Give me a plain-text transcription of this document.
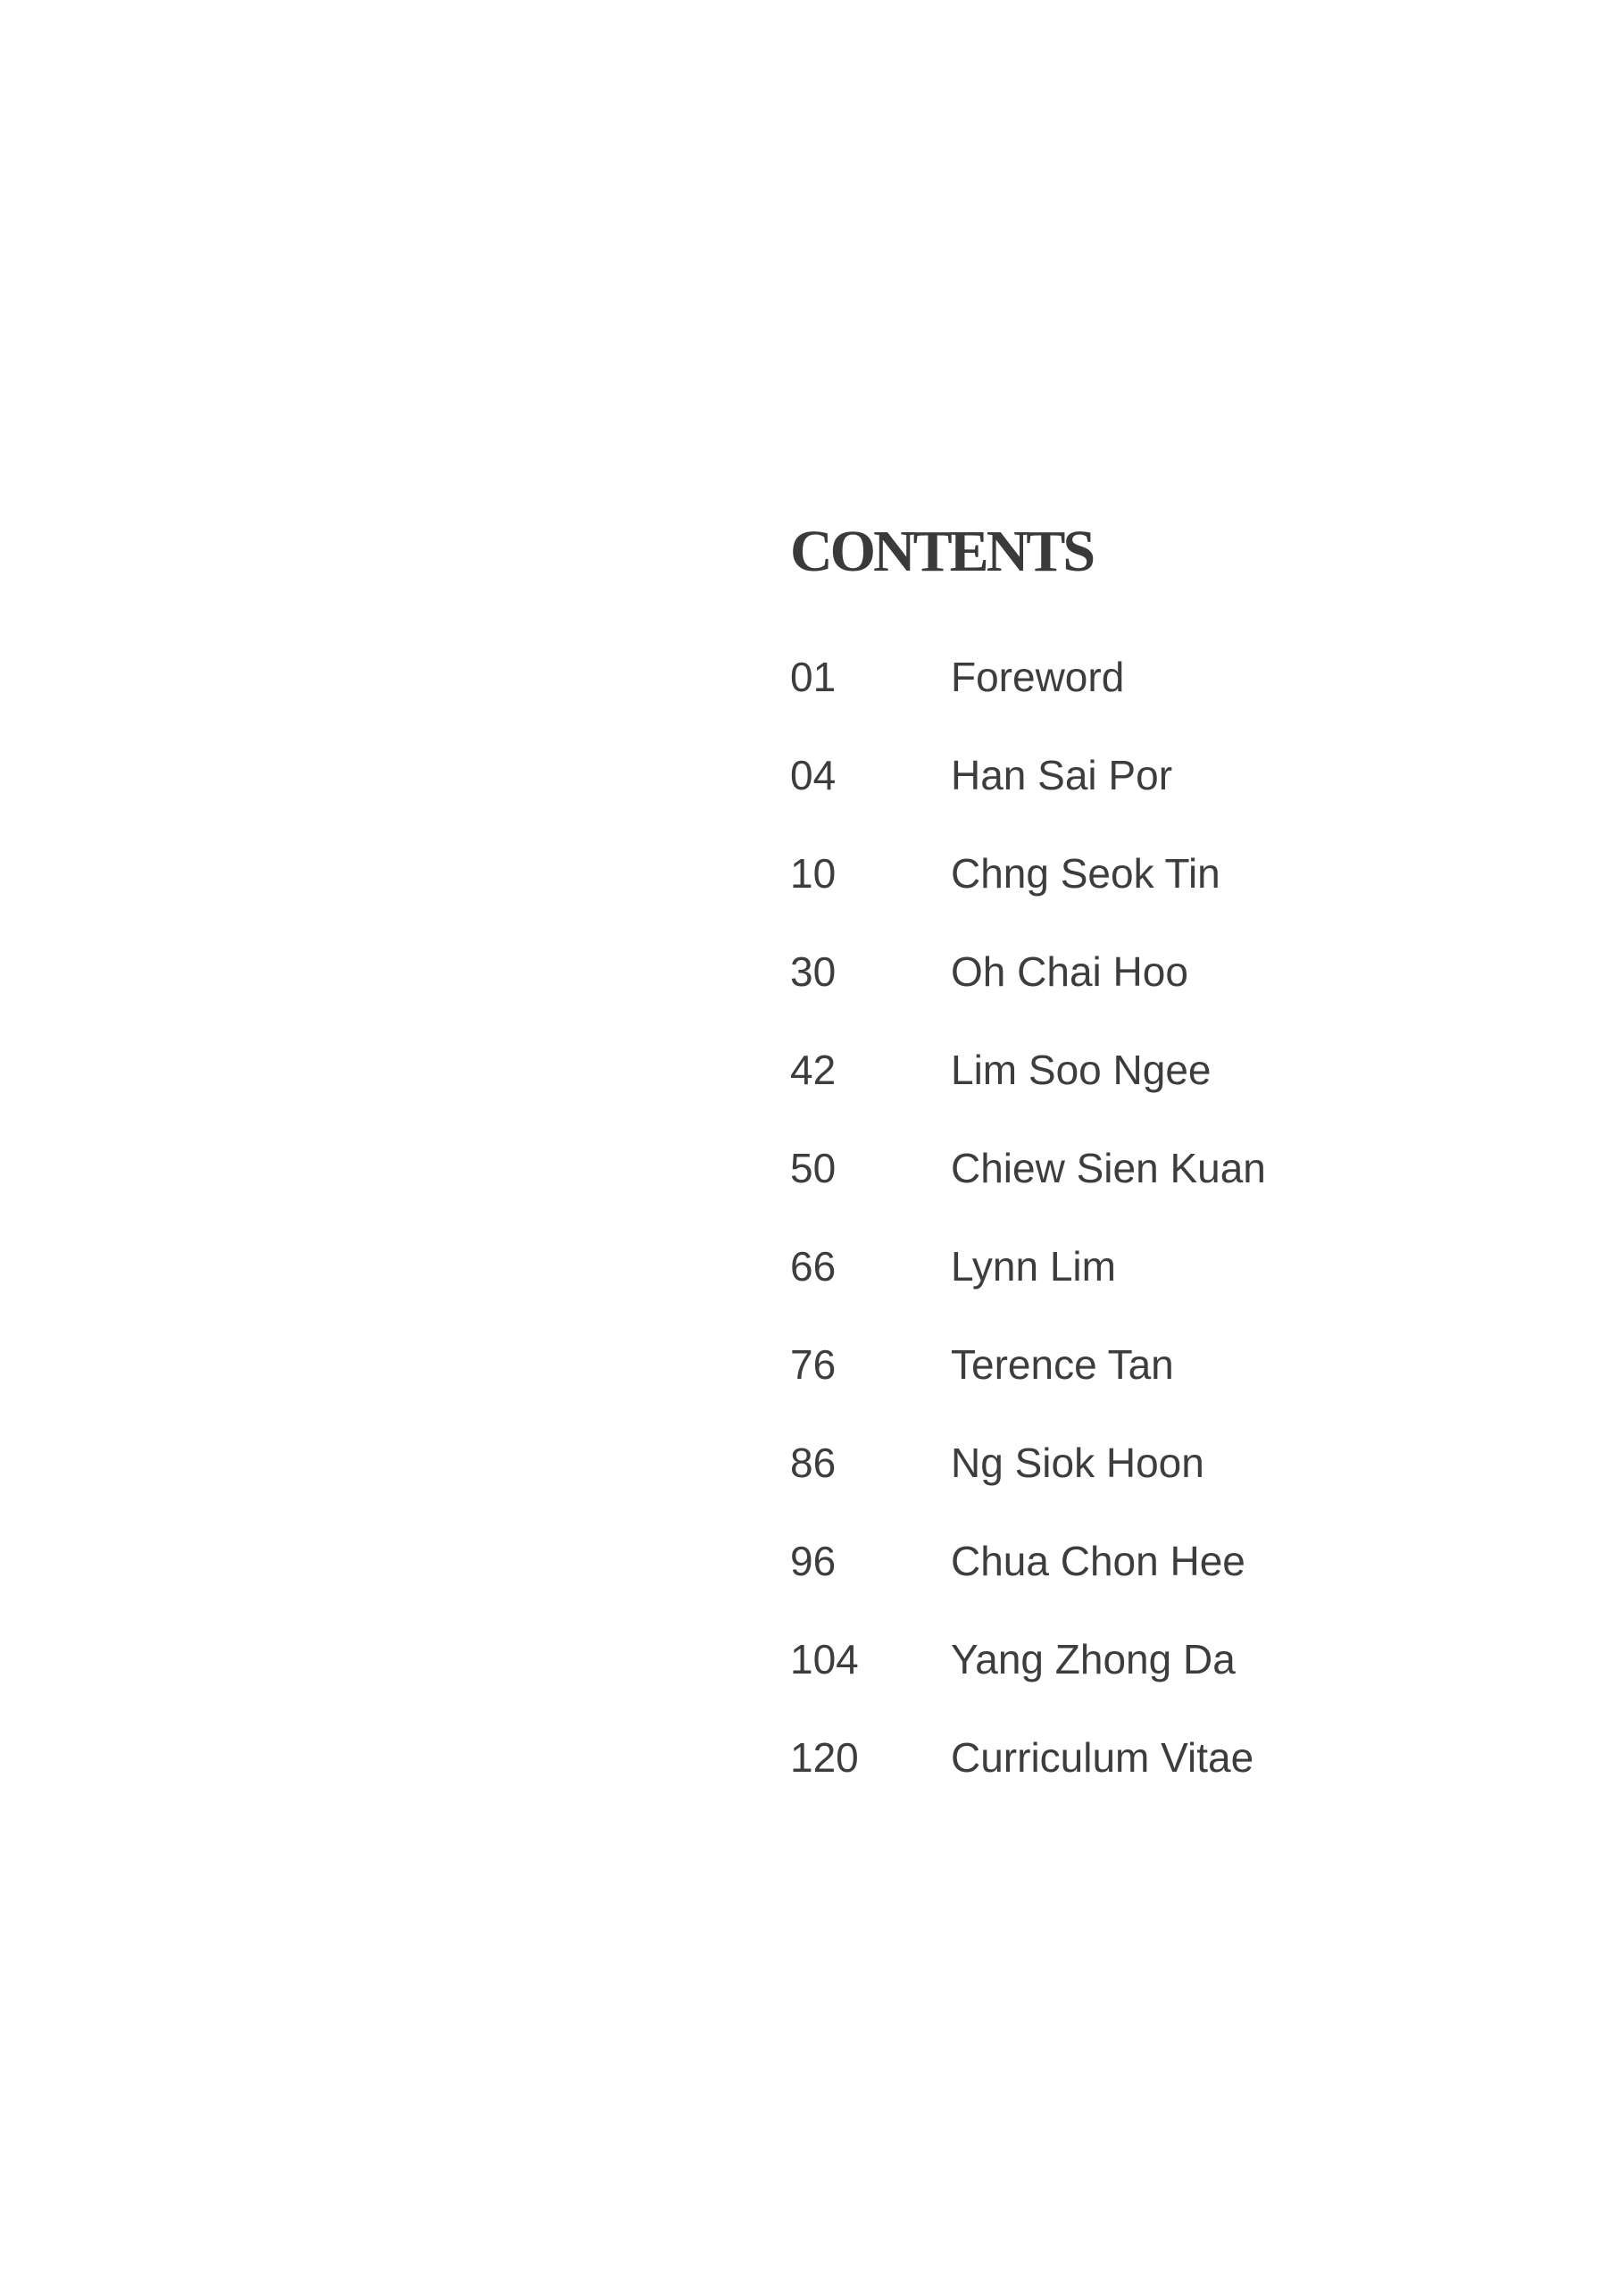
CONTENTS
01	Foreword
04	Han Sai Por
10	Chng Seok Tin
30	Oh Chai Hoo
42	Lim Soo Ngee
50	Chiew Sien Kuan
66	Lynn Lim
76	Terence Tan
86	Ng Siok Hoon
96	Chua Chon Hee
104 Yang Zhong Da
120 Curriculum Vitae
